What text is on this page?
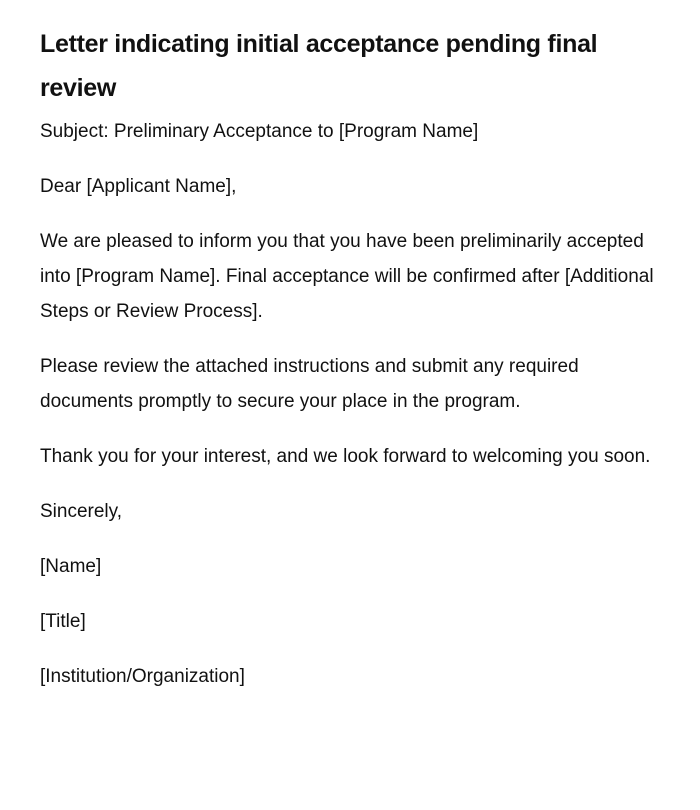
Letter indicating initial acceptance pending final review

Subject: Preliminary Acceptance to [Program Name]

Dear [Applicant Name],

We are pleased to inform you that you have been preliminarily accepted into [Program Name]. Final acceptance will be confirmed after [Additional Steps or Review Process].

Please review the attached instructions and submit any required documents promptly to secure your place in the program.

Thank you for your interest, and we look forward to welcoming you soon.

Sincerely,

[Name]

[Title]

[Institution/Organization]
